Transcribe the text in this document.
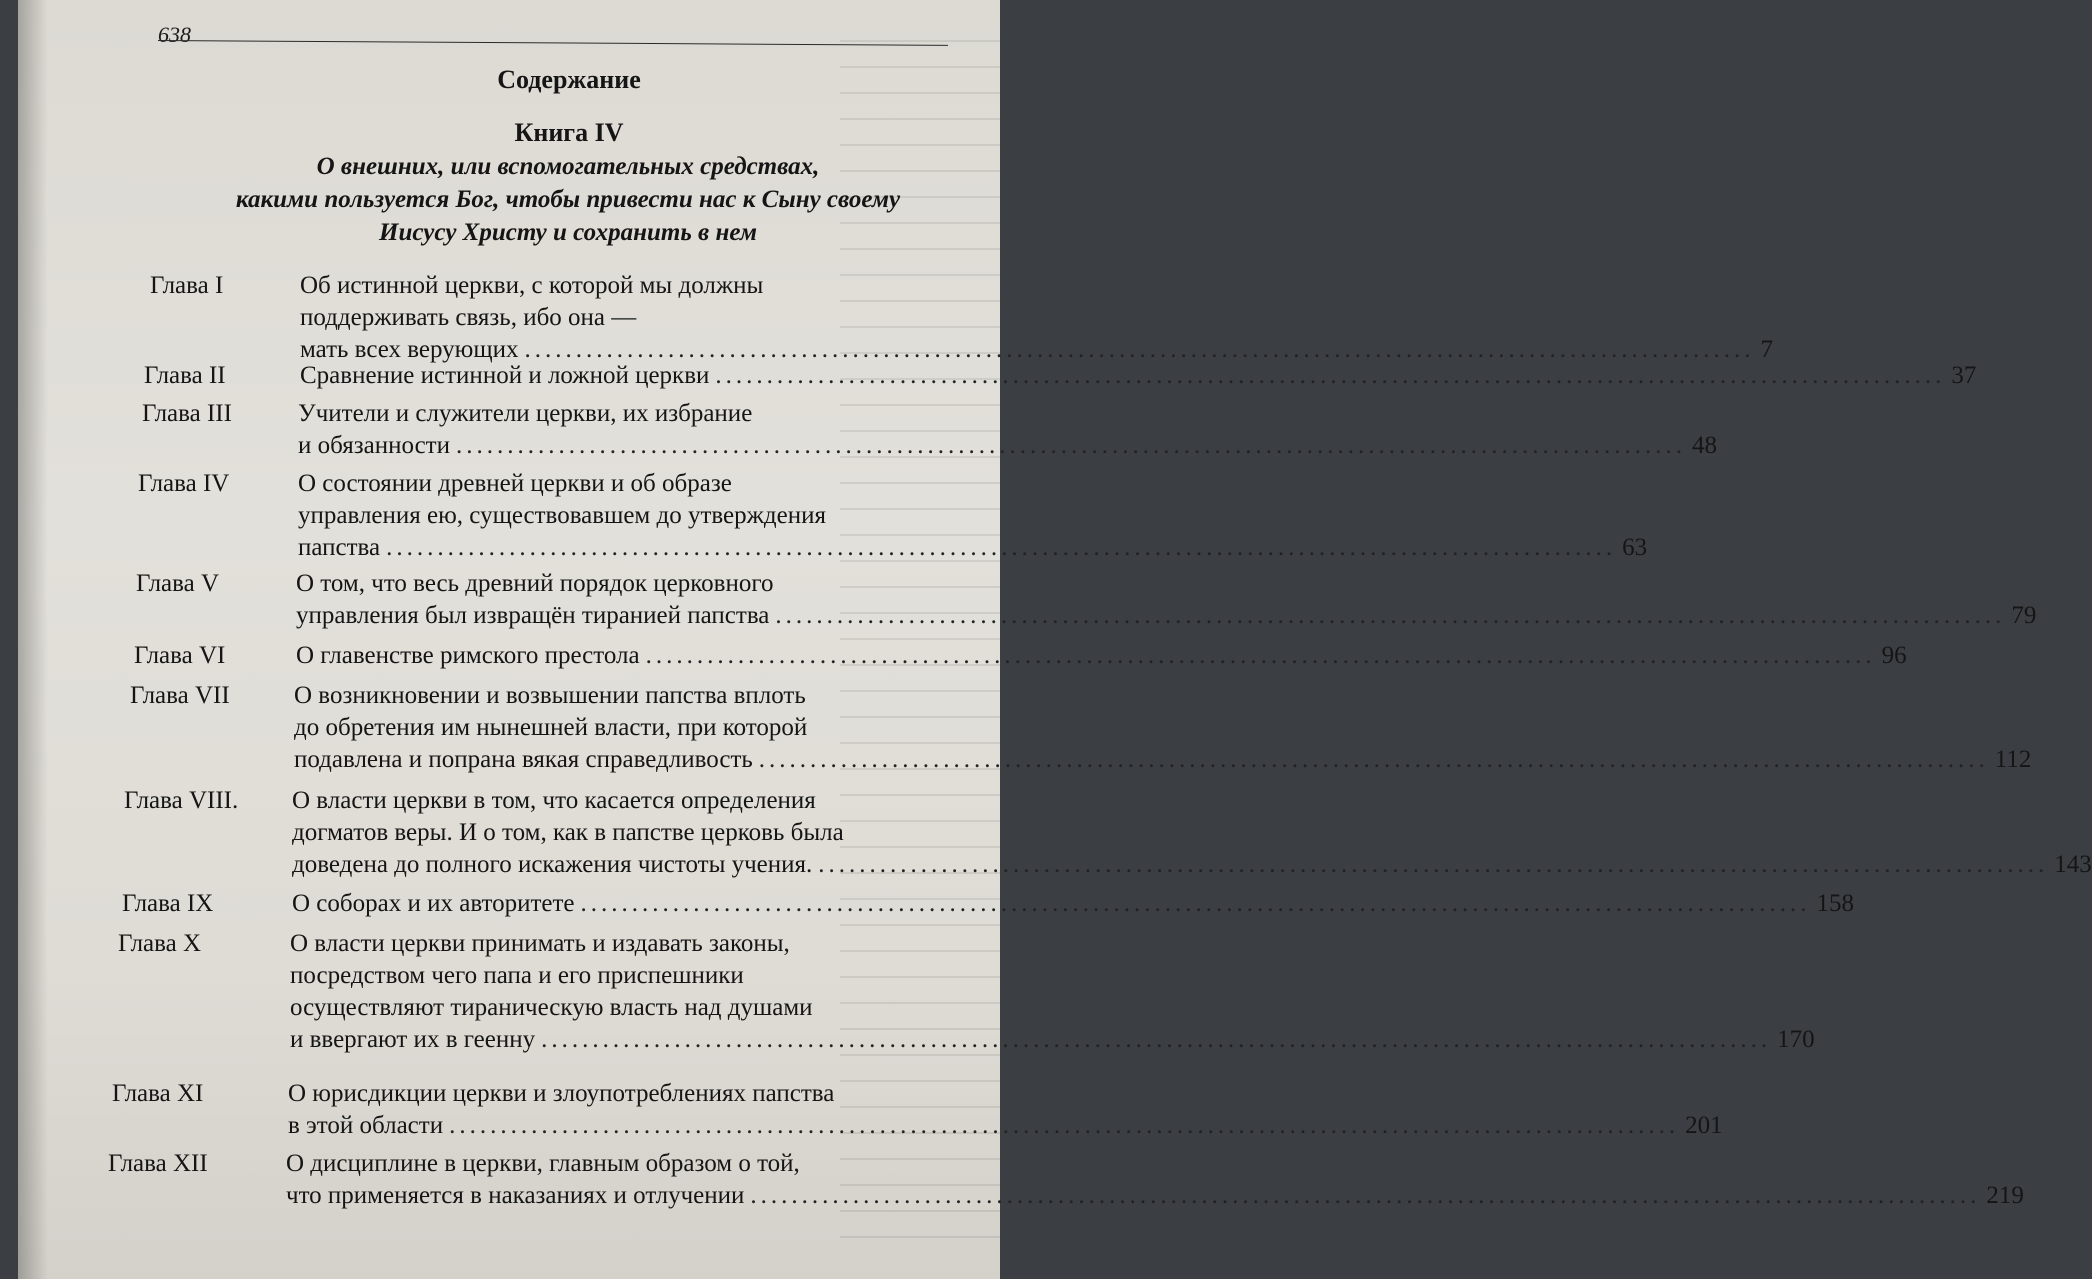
638
Содержание
Книга IV
О внешних, или вспомогательных средствах,
какими пользуется Бог, чтобы привести нас к Сыну своему
Иисусу Христу и сохранить в нем
Глава I	Об истинной церкви, с которой мы должны
поддерживать связь, ибо она —
мать всех верующих ........................................................................................................................ 7
Глава II	Сравнение истинной и ложной церкви ........................................................................................................................ 37
Глава III	Учители и служители церкви, их избрание
и обязанности ........................................................................................................................ 48
Глава IV	О состоянии древней церкви и об образе
управления ею, существовавшем до утверждения
папства ........................................................................................................................ 63
Глава V	О том, что весь древний порядок церковного
управления был извращён тиранией папства ........................................................................................................................ 79
Глава VI	О главенстве римского престола ........................................................................................................................ 96
Глава VII	О возникновении и возвышении папства вплоть
до обретения им нынешней власти, при которой
подавлена и попрана вякая справедливость ........................................................................................................................ 112
Глава VIII. О власти церкви в том, что касается определения
догматов веры. И о том, как в папстве церковь была
доведена до полного искажения чистоты учения. ........................................................................................................................ 143
Глава IX	О соборах и их авторитете ........................................................................................................................ 158
Глава X	О власти церкви принимать и издавать законы,
посредством чего папа и его приспешники
осуществляют тираническую власть над душами
и ввергают их в геенну ........................................................................................................................ 170
Глава XI	О юрисдикции церкви и злоупотреблениях папства
в этой области ........................................................................................................................ 201
Глава XII	О дисциплине в церкви, главным образом о той,
что применяется в наказаниях и отлучении ........................................................................................................................ 219
